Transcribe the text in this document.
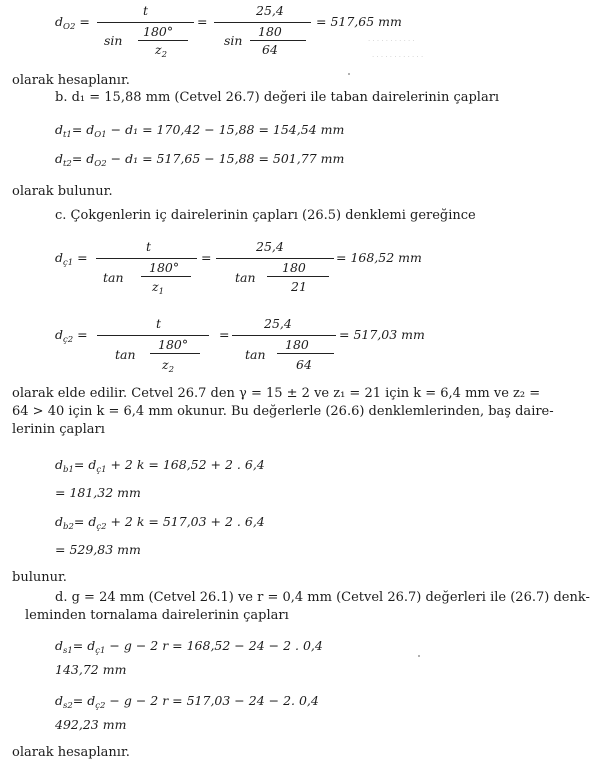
$d_{O2}$ =
t
sin
180°
$z_2$
=
25,4
sin
180
64
= 517,65 mm
· · · · · · · · · · ·
· · · · · · · · · · · ·
olarak hesaplanır.
b. d₁ = 15,88 mm (Cetvel 26.7) değeri ile taban dairelerinin çapları
$d_{t1}= d_{O1} - d_1 = 170,42 - 15,88 = 154,54$ mm
$d_{t2}= d_{O2} - d_1 = 517,65 - 15,88 = 501,77$ mm
olarak bulunur.
c. Çokgenlerin iç dairelerinin çapları (26.5) denklemi gereğince
$d_{ç1}$ =
t
tan
180°
$z_1$
=
25,4
tan
180
21
= 168,52 mm
$d_{ç2}$ =
t
tan
180°
$z_2$
=
25,4
tan
180
64
= 517,03 mm
olarak elde edilir. Cetvel 26.7 den γ = 15 ± 2 ve z₁ = 21 için k = 6,4 mm ve z₂ =
64 > 40 için k = 6,4 mm okunur. Bu değerlerle (26.6) denklemlerinden, baş daire-
lerinin çapları
$d_{b1}= d_{ç1} + 2$ k = 168,52 + 2 . 6,4
= 181,32 mm
$d_{b2}= d_{ç2} + 2$ k = 517,03 + 2 . 6,4
= 529,83 mm
bulunur.
d. g = 24 mm (Cetvel 26.1) ve r = 0,4 mm (Cetvel 26.7) değerleri ile (26.7) denk-
leminden tornalama dairelerinin çapları
$d_{s1}= d_{ç1} - g - 2$ r = 168,52 − 24 − 2 . 0,4
143,72 mm
$d_{s2}= d_{ç2} - g - 2$ r = 517,03 − 24 − 2. 0,4
492,23 mm
olarak hesaplanır.
